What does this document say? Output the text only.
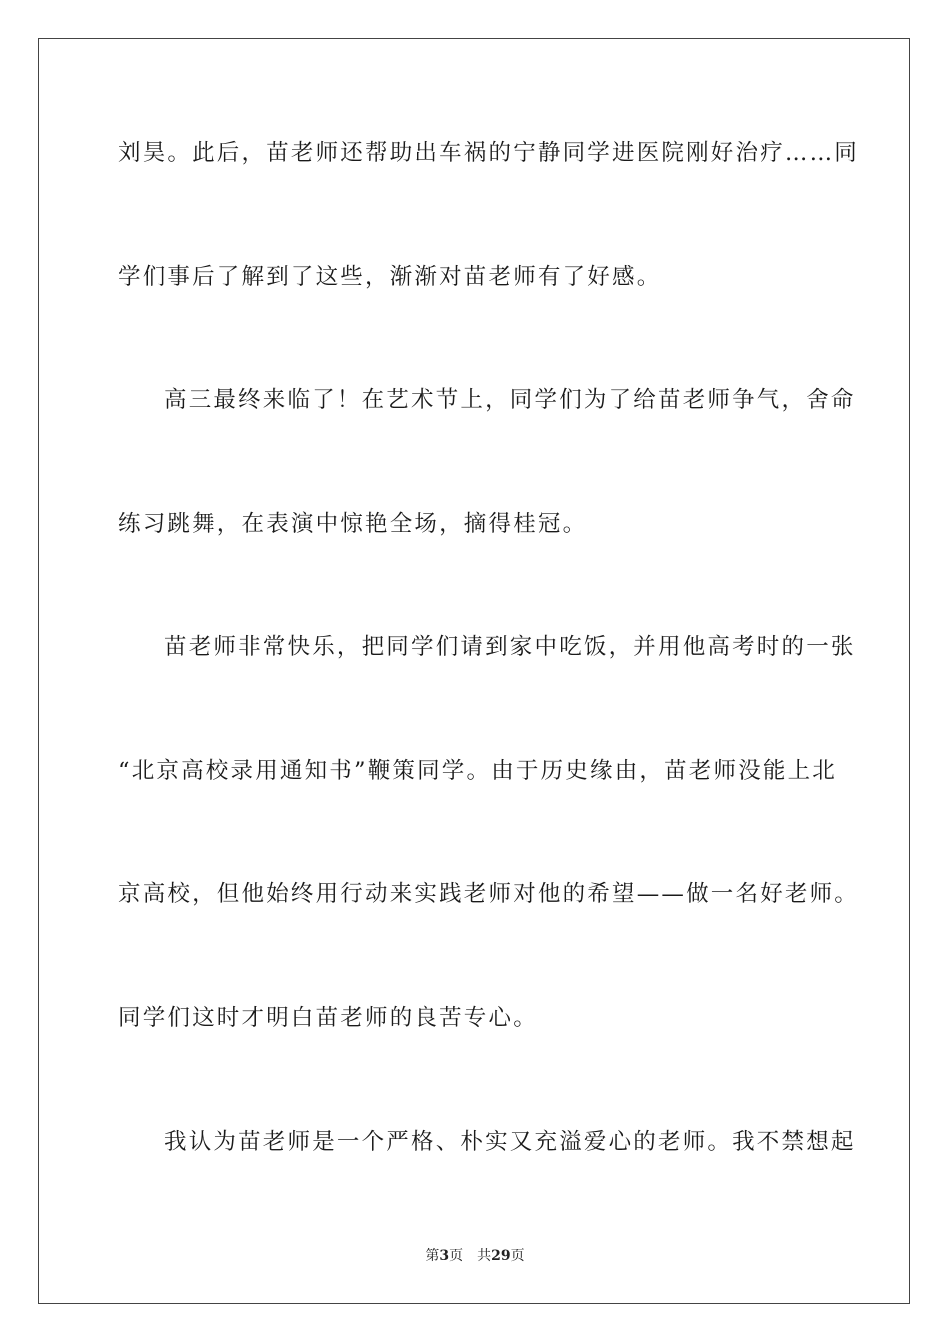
刘昊。此后，苗老师还帮助出车祸的宁静同学进医院刚好治疗……同
学们事后了解到了这些，渐渐对苗老师有了好感。
高三最终来临了！在艺术节上，同学们为了给苗老师争气，舍命
练习跳舞，在表演中惊艳全场，摘得桂冠。
苗老师非常快乐，把同学们请到家中吃饭，并用他高考时的一张
“北京高校录用通知书”鞭策同学。由于历史缘由，苗老师没能上北
京高校，但他始终用行动来实践老师对他的希望——做一名好老师。
同学们这时才明白苗老师的良苦专心。
我认为苗老师是一个严格、朴实又充溢爱心的老师。我不禁想起
第3页 共29页
